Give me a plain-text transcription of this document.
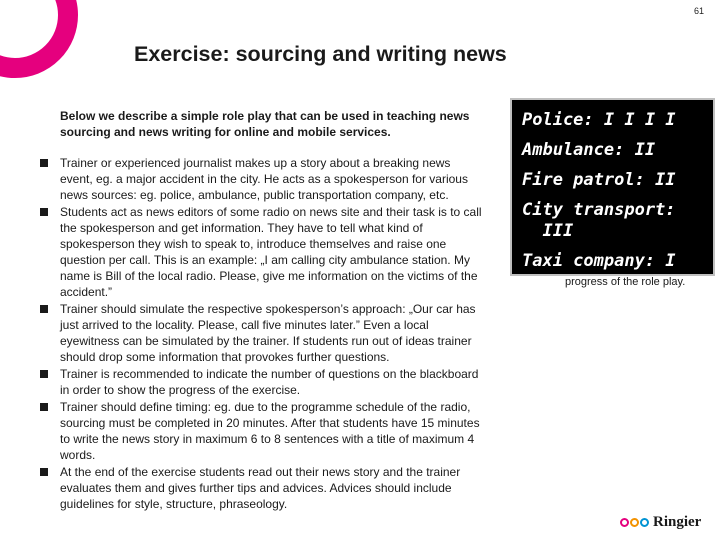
61
Exercise: sourcing and writing news
Below we describe a simple role play that can be used in teaching news sourcing and news writing for online and mobile services.
Trainer or experienced journalist makes up a story about a breaking news event, eg. a major accident in the city. He acts as a spokesperson for various news sources: eg. police, ambulance, public transportation company, etc.
Students act as news editors of some radio on news site and their task is to call the spokesperson and get information. They have to tell what kind of spokesperson they wish to speak to, introduce themselves and raise one question per call. This is an example: „I am calling city ambulance station. My name is Bill of the local radio. Please, give me information on the victims of the accident.”
Trainer should simulate the respective spokesperson’s approach: „Our car has just arrived to the locality. Please, call five minutes later.” Even a local eyewitness can be simulated by the trainer. If students run out of ideas trainer should drop some information that provokes further questions.
Trainer is recommended to indicate the number of questions on the blackboard in order to show the progress of the exercise.
Trainer should define timing: eg. due to the programme schedule of the radio, sourcing must be completed in 20 minutes. After that students have 15 minutes to write the news story in maximum 6 to 8 sentences with a title of maximum 4 words.
At the end of the exercise students read out their news story and the trainer evaluates them and gives further tips and advices. Advices should include guidelines for style, structure, phraseology.
Police: I I I I
Ambulance: II
Fire patrol: II
City transport:
III
Taxi company: I
progress of the role play.
Ringier
